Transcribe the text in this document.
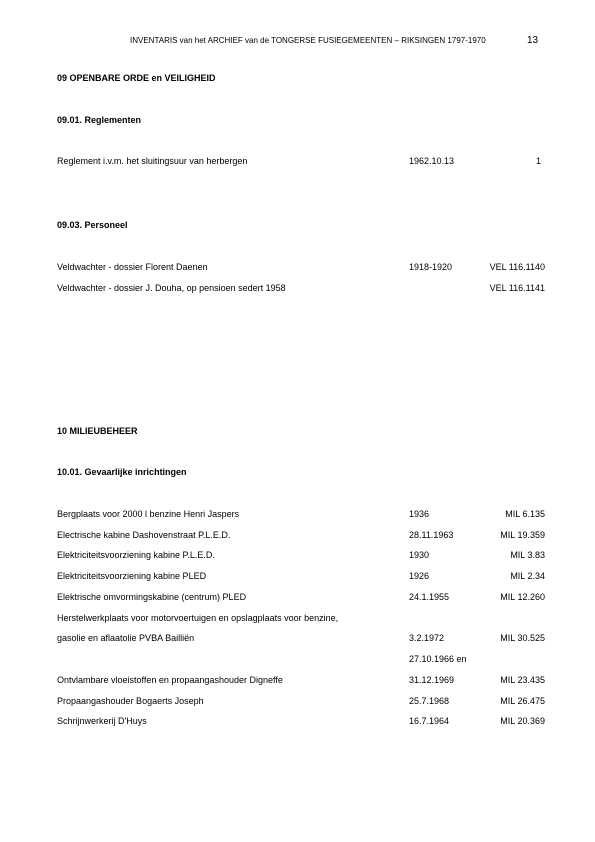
INVENTARIS van het ARCHIEF van de TONGERSE FUSIEGEMEENTEN – RIKSINGEN 1797-1970	13
09 OPENBARE ORDE en VEILIGHEID
09.01. Reglementen
Reglement i.v.m. het sluitingsuur van herbergen	1962.10.13	1
09.03. Personeel
Veldwachter - dossier Florent Daenen	1918-1920	VEL 116.1140
Veldwachter - dossier J. Douha, op pensioen sedert 1958	VEL 116.1141
10 MILIEUBEHEER
10.01. Gevaarlijke inrichtingen
Bergplaats voor 2000 l benzine Henri Jaspers	1936	MIL 6.135
Electrische kabine Dashovenstraat P.L.E.D.	28.11.1963	MIL 19.359
Elektriciteitsvoorziening kabine P.L.E.D.	1930	MIL 3.83
Elektriciteitsvoorziening kabine PLED	1926	MIL 2.34
Elektrische omvormingskabine (centrum) PLED	24.1.1955	MIL 12.260
Herstelwerkplaats voor motorvoertuigen en opslagplaats voor benzine,
gasolie en aflaatolie PVBA Bailliën	3.2.1972	MIL 30.525
27.10.1966 en
Ontvlambare vloeistoffen en propaangashouder Digneffe	31.12.1969	MIL 23.435
Propaangashouder Bogaerts Joseph	25.7.1968	MIL 26.475
Schrijnwerkerij D'Huys	16.7.1964	MIL 20.369
